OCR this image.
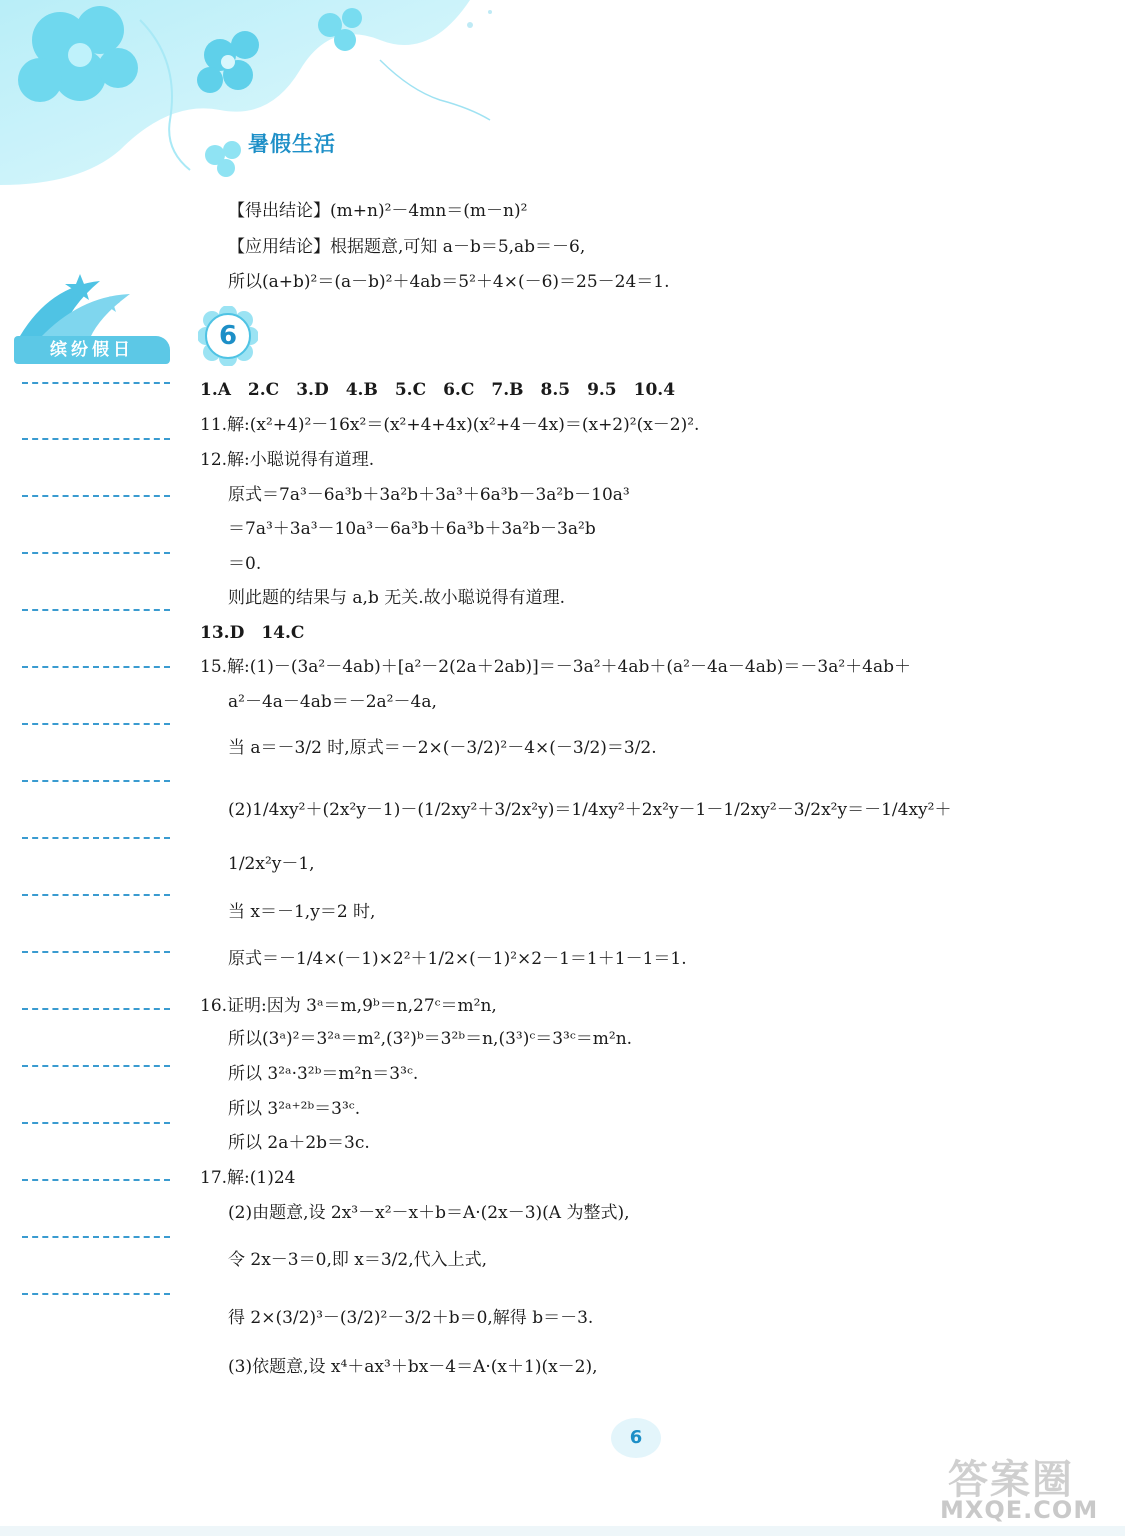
暑假生活
缤纷假日	6
【得出结论】(m+n)²－4mn＝(m－n)²
【应用结论】根据题意,可知 a－b＝5,ab＝－6,
所以(a+b)²＝(a－b)²＋4ab＝5²＋4×(－6)＝25－24＝1.
1.A　2.C　3.D　4.B　5.C　6.C　7.B　8.5　9.5　10.4
11.解:(x²+4)²－16x²＝(x²+4+4x)(x²+4－4x)＝(x+2)²(x－2)².
12.解:小聪说得有道理.
原式＝7a³－6a³b＋3a²b＋3a³＋6a³b－3a²b－10a³
＝7a³＋3a³－10a³－6a³b＋6a³b＋3a²b－3a²b
＝0.
则此题的结果与 a,b 无关.故小聪说得有道理.
13.D　14.C
15.解:(1)－(3a²－4ab)＋[a²－2(2a＋2ab)]＝－3a²＋4ab＋(a²－4a－4ab)＝－3a²＋4ab＋
a²－4a－4ab＝－2a²－4a,
当 a＝－3/2 时,原式＝－2×(－3/2)²－4×(－3/2)＝3/2.
(2)1/4xy²＋(2x²y－1)－(1/2xy²＋3/2x²y)＝1/4xy²＋2x²y－1－1/2xy²－3/2x²y＝－1/4xy²＋
1/2x²y－1,
当 x＝－1,y＝2 时,
原式＝－1/4×(－1)×2²＋1/2×(－1)²×2－1＝1＋1－1＝1.
16.证明:因为 3ᵃ＝m,9ᵇ＝n,27ᶜ＝m²n,
所以(3ᵃ)²＝3²ᵃ＝m²,(3²)ᵇ＝3²ᵇ＝n,(3³)ᶜ＝3³ᶜ＝m²n.
所以 3²ᵃ·3²ᵇ＝m²n＝3³ᶜ.
所以 3²ᵃ⁺²ᵇ＝3³ᶜ.
所以 2a＋2b＝3c.
17.解:(1)24
(2)由题意,设 2x³－x²－x＋b＝A·(2x－3)(A 为整式),
令 2x－3＝0,即 x＝3/2,代入上式,
得 2×(3/2)³－(3/2)²－3/2＋b＝0,解得 b＝－3.
(3)依题意,设 x⁴＋ax³＋bx－4＝A·(x＋1)(x－2),
6
答案圈
MXQE.COM
